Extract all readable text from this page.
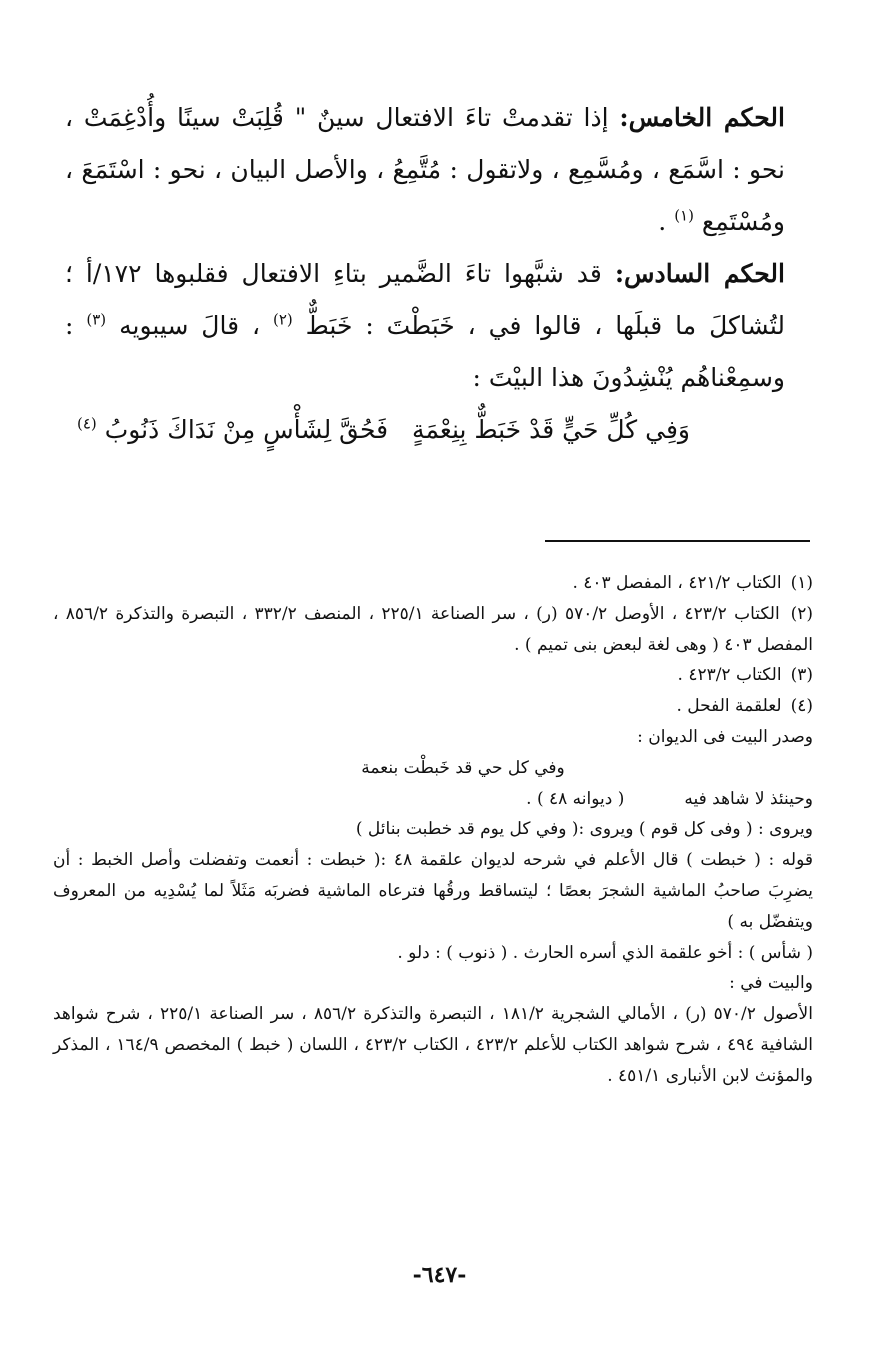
الحكم الخامس: إذا تقدمتْ تاءَ الافتعال سينٌ " قُلِبَتْ سينًا وأُدْغِمَتْ ، نحو : اسَّمَع ، ومُسَّمِع ، ولاتقول : مُتَّمِعُ ، والأصل البيان ، نحو : اسْتَمَعَ ، ومُسْتَمِع $^{(١)}$ .

الحكم السادس: قد شبَّهوا تاءَ الضَّمير بتاءِ الافتعال فقلبوها ١٧٢/أ ؛ لتُشاكلَ ما قبلَها ، قالوا في ، خَبَطْتَ : خَبَطٌّ $^{(٢)}$ ، قالَ سيبويه $^{(٣)}$ : وسمِعْناهُم يُنْشِدُونَ هذا البيْتَ :

وَفِي كُلِّ حَيٍّ قَدْ خَبَطٌّ بِنِعْمَةٍ
فَحُقَّ لِشَأْسٍ مِنْ نَدَاكَ ذَنُوبُ $^{(٤)}$

(١) الكتاب ٤٢١/٢ ، المفصل ٤٠٣ .

(٢) الكتاب ٤٢٣/٢ ، الأوصل ٥٧٠/٢ (ر) ، سر الصناعة ٢٢٥/١ ، المنصف ٣٣٢/٢ ، التبصرة والتذكرة ٨٥٦/٢ ، المفصل ٤٠٣ ( وهى لغة لبعض بنى تميم ) .

(٣) الكتاب ٤٢٣/٢ .

(٤) لعلقمة الفحل .

وصدر البيت فى الديوان :

وفي كل حي قد خَبطْت بنعمة

وحينئذ لا شاهد فيه
( ديوانه ٤٨ ) .

ويروى : ( وفى كل قوم ) ويروى :( وفي كل يوم قد خطبت بنائل )

قوله : ( خبطت ) قال الأعلم في شرحه لديوان علقمة ٤٨ :( خبطت : أنعمت وتفضلت وأصل الخبط : أن يضرِبَ صاحبُ الماشية الشجرَ بعصًا ؛ ليتساقط ورقُها فترعاه الماشية فضربَه مَثَلاً لما يُسْدِيه من المعروف ويتفضّل به )

( شأس ) : أخو علقمة الذي أسره الحارث . ( ذنوب ) : دلو .

والبيت في :

الأصول ٥٧٠/٢ (ر) ، الأمالي الشجرية ١٨١/٢ ، التبصرة والتذكرة ٨٥٦/٢ ، سر الصناعة ٢٢٥/١ ، شرح شواهد الشافية ٤٩٤ ، شرح شواهد الكتاب للأعلم ٤٢٣/٢ ، الكتاب ٤٢٣/٢ ، اللسان ( خبط ) المخصص ١٦٤/٩ ، المذكر والمؤنث لابن الأنبارى ٤٥١/١ .

-٦٤٧-
